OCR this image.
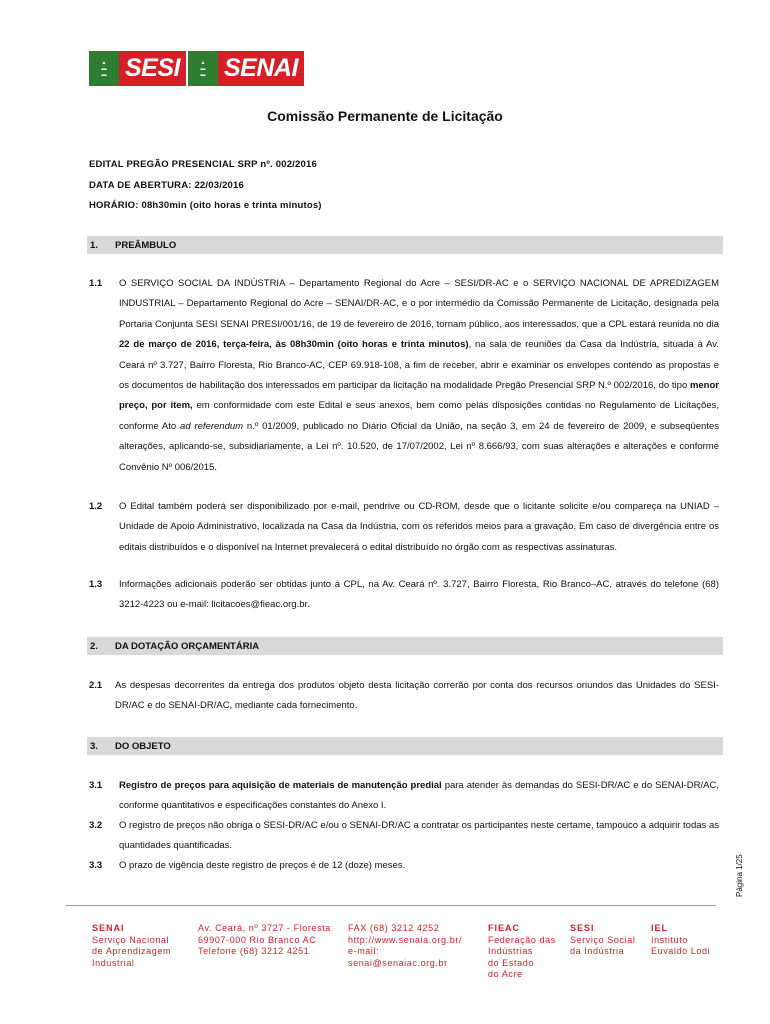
▲
▬
▬ SESI	▲
▬
▬ SENAI
Comissão Permanente de Licitação
EDITAL PREGÃO PRESENCIAL SRP nº. 002/2016
DATA DE ABERTURA: 22/03/2016
HORÁRIO: 08h30min (oito horas e trinta minutos)
1. PREÂMBULO
1.1 O SERVIÇO SOCIAL DA INDÚSTRIA – Departamento Regional do Acre – SESI/DR-AC e o SERVIÇO NACIONAL DE APREDIZAGEM INDUSTRIAL – Departamento Regional do Acre – SENAI/DR-AC, e o por intermédio da Comissão Permanente de Licitação, designada pela Portaria Conjunta SESI SENAI PRESI/001/16, de 19 de fevereiro de 2016, tornam público, aos interessados, que a CPL estará reunida no dia 22 de março de 2016, terça-feira, às 08h30min (oito horas e trinta minutos), na sala de reuniões da Casa da Indústria, situada à Av. Ceará nº 3.727, Bairro Floresta, Rio Branco-AC, CEP 69.918-108, a fim de receber, abrir e examinar os envelopes contendo as propostas e os documentos de habilitação dos interessados em participar da licitação na modalidade Pregão Presencial SRP N.º 002/2016, do tipo menor preço, por item, em conformidade com este Edital e seus anexos, bem como pelas disposições contidas no Regulamento de Licitações, conforme Ato ad referendum n.º 01/2009, publicado no Diário Oficial da União, na seção 3, em 24 de fevereiro de 2009, e subseqüentes alterações, aplicando-se, subsidiariamente, a Lei nº. 10.520, de 17/07/2002, Lei nº 8.666/93, com suas alterações e alterações e conforme Convênio Nº 006/2015.
1.2 O Edital também poderá ser disponibilizado por e-mail, pendrive ou CD-ROM, desde que o licitante solicite e/ou compareça na UNIAD – Unidade de Apoio Administrativo, localizada na Casa da Indústria, com os referidos meios para a gravação. Em caso de divergência entre os editais distribuídos e o disponível na Internet prevalecerá o edital distribuído no órgão com as respectivas assinaturas.
1.3 Informações adicionais poderão ser obtidas junto à CPL, na Av. Ceará nº. 3.727, Bairro Floresta, Rio Branco–AC, através do telefone (68) 3212-4223 ou e-mail: licitacoes@fieac.org.br.
2. DA DOTAÇÃO ORÇAMENTÁRIA
2.1 As despesas decorrentes da entrega dos produtos objeto desta licitação correrão por conta dos recursos oriundos das Unidades do SESI-DR/AC e do SENAI-DR/AC, mediante cada fornecimento.
3. DO OBJETO
3.1 Registro de preços para aquisição de materiais de manutenção predial para atender às demandas do SESI-DR/AC e do SENAI-DR/AC, conforme quantitativos e especificações constantes do Anexo I.
3.2 O registro de preços não obriga o SESI-DR/AC e/ou o SENAI-DR/AC a contratar os participantes neste certame, tampouco a adquirir todas as quantidades quantificadas.
3.3 O prazo de vigência deste registro de preços é de 12 (doze) meses.	Página 1/25
SENAI
Serviço Nacional
de Aprendizagem
Industrial
Av. Ceará, nº 3727 - Floresta
69907-000 Rio Branco AC
Telefone (68) 3212 4251
FAX (68) 3212 4252
http://www.senaia.org.br/
e-mail:
senai@senaiac.org.br
FIEAC
Federação das
Indústrias
do Estado
do Acre
SESI
Serviço Social
da Indústria
IEL
Instituto
Euvaldo Lodi
